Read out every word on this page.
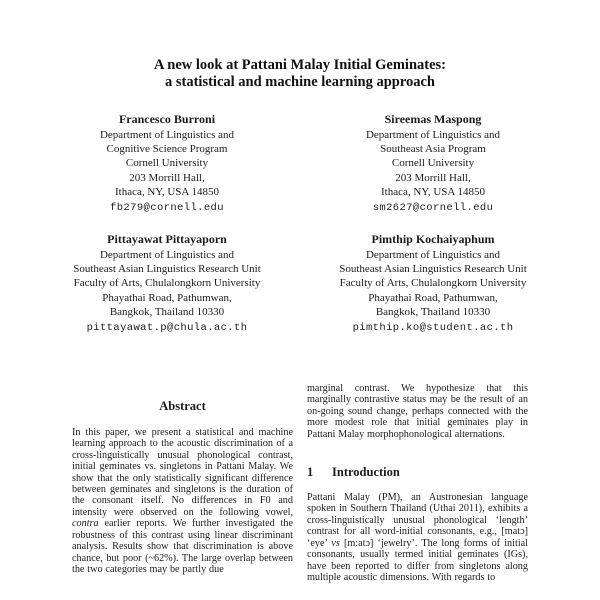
A new look at Pattani Malay Initial Geminates:
a statistical and machine learning approach
Francesco Burroni
Department of Linguistics and
Cognitive Science Program
Cornell University
203 Morrill Hall,
Ithaca, NY, USA 14850
fb279@cornell.edu
Sireemas Maspong
Department of Linguistics and
Southeast Asia Program
Cornell University
203 Morrill Hall,
Ithaca, NY, USA 14850
sm2627@cornell.edu
Pittayawat Pittayaporn
Department of Linguistics and
Southeast Asian Linguistics Research Unit
Faculty of Arts, Chulalongkorn University
Phayathai Road, Pathumwan,
Bangkok, Thailand 10330
pittayawat.p@chula.ac.th
Pimthip Kochaiyaphum
Department of Linguistics and
Southeast Asian Linguistics Research Unit
Faculty of Arts, Chulalongkorn University
Phayathai Road, Pathumwan,
Bangkok, Thailand 10330
pimthip.ko@student.ac.th
Abstract

In this paper, we present a statistical and machine learning approach to the acoustic discrimination of a cross-linguistically unusual phonological contrast, initial geminates vs. singletons in Pattani Malay. We show that the only statistically significant difference between geminates and singletons is the duration of the consonant itself. No differences in F0 and intensity were observed on the following vowel, contra earlier reports. We further investigated the robustness of this contrast using linear discriminant analysis. Results show that discrimination is above chance, but poor (~62%). The large overlap between the two categories may be partly due

marginal contrast. We hypothesize that this marginally contrastive status may be the result of an on-going sound change, perhaps connected with the more modest role that initial geminates play in Pattani Malay morphophonological alternations.

1 Introduction

Pattani Malay (PM), an Austronesian language spoken in Southern Thailand (Uthai 2011), exhibits a cross-linguistically unusual phonological ‘length’ contrast for all word-initial consonants, e.g., [matɔ] ‘eye’ vs [m:atɔ] ‘jewelry’. The long forms of initial consonants, usually termed initial geminates (IGs), have been reported to differ from singletons along multiple acoustic dimensions. With regards to
